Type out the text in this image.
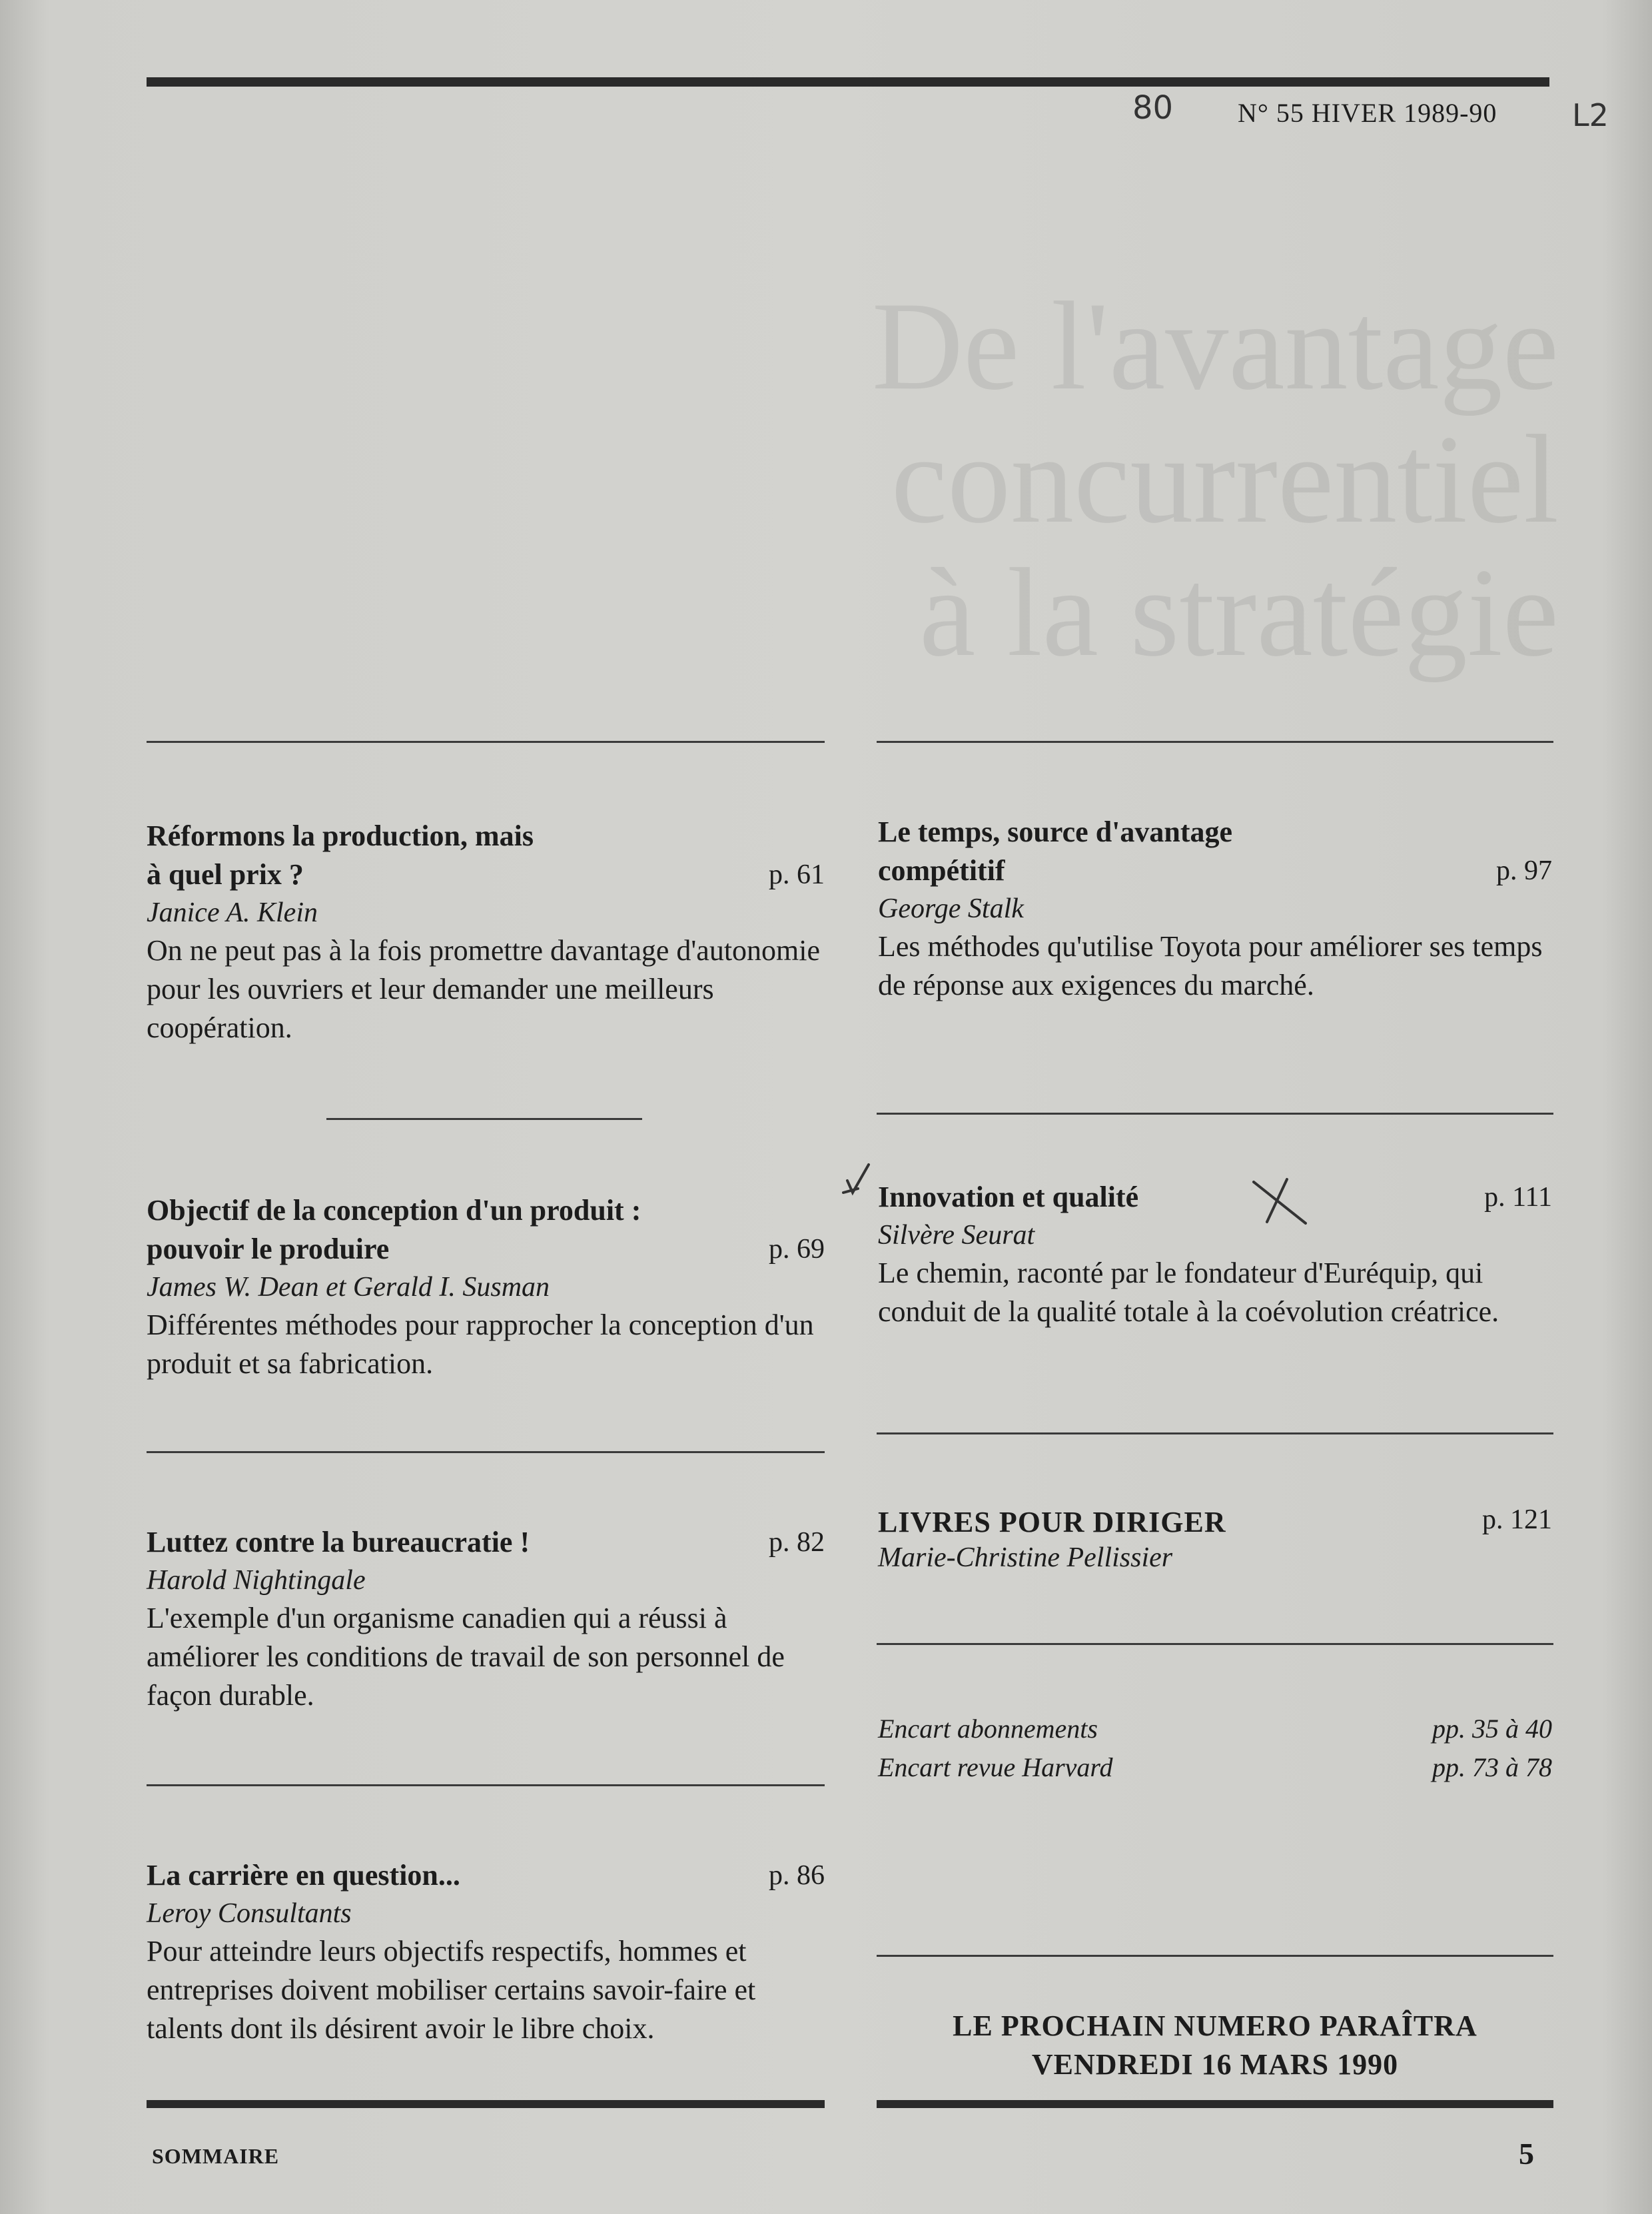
De l'avantage
concurrentiel
à la stratégie
80 N° 55 HIVER 1989-90 L2
Réformons la production, mais
à quel prix ?	p. 61
Janice A. Klein
On ne peut pas à la fois promettre davantage d'autonomie pour les ouvriers et leur demander une meilleurs coopération.
Objectif de la conception d'un produit :
pouvoir le produire	p. 69
James W. Dean et Gerald I. Susman
Différentes méthodes pour rapprocher la conception d'un produit et sa fabrication.
Luttez contre la bureaucratie !	p. 82
Harold Nightingale
L'exemple d'un organisme canadien qui a réussi à améliorer les conditions de travail de son personnel de façon durable.
La carrière en question...	p. 86
Leroy Consultants
Pour atteindre leurs objectifs respectifs, hommes et entreprises doivent mobiliser certains savoir-faire et talents dont ils désirent avoir le libre choix.
Le temps, source d'avantage
compétitif	p. 97
George Stalk
Les méthodes qu'utilise Toyota pour améliorer ses temps de réponse aux exigences du marché.
Innovation et qualité	p. 111
Silvère Seurat
Le chemin, raconté par le fondateur d'Euréquip, qui conduit de la qualité totale à la coévolution créatrice.
LIVRES POUR DIRIGER	p. 121
Marie-Christine Pellissier
Encart abonnements	pp. 35 à 40
Encart revue Harvard	pp. 73 à 78
LE PROCHAIN NUMERO PARAÎTRA
VENDREDI 16 MARS 1990
SOMMAIRE	5
